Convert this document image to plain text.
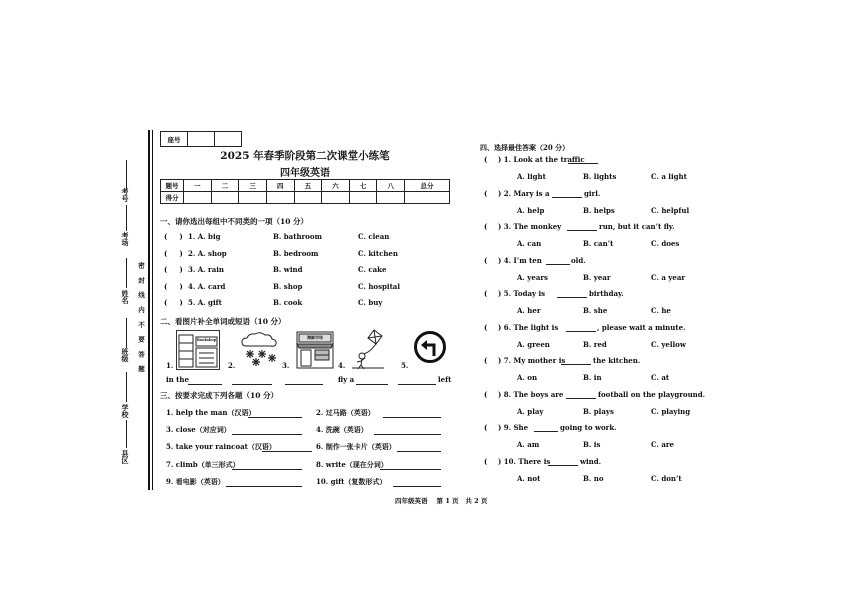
考号
考场
姓名
班级
学校
县区
密 封 线 内 不 要 答 题
座号		
2025 年春季阶段第二次课堂小练笔
四年级英语
题号	一	二	三	四	五	六	七	八	总分
得分									
一、请你选出每组中不同类的一项（10 分）
(     ) 1. A. big	B. bathroom	C. clean
(     ) 2. A. shop	B. bedroom	C. kitchen
(     ) 3. A. rain	B. wind	C. cake
(     ) 4. A. card	B. shop	C. hospital
(     ) 5. A. gift	B. cook	C. buy
二、看图片补全单词或短语（10 分）
Bookshop	海鲜市场
1.	2.	3.	4.	5.
in the	fly a	left
三、按要求完成下列各题（10 分）
1. help the man（汉语）	2. 过马路（英语）
3. close（对应词）	4. 洗碗（英语）
5. take your raincoat（汉语）	6. 制作一张卡片（英语）
7. climb（单三形式）	8. write（现在分词）
9. 看电影（英语）	10. gift（复数形式）
四、选择最佳答案（20 分）
( ) 1. Look at the traffic
A. light	B. lights	C. a light
( ) 2. Mary is a	girl.
A. help	B. helps	C. helpful
( ) 3. The monkey	run, but it can’t fly.
A. can	B. can’t	C. does
( ) 4. I’m ten	old.
A. years	B. year	C. a year
( ) 5. Today is	birthday.
A. her	B. she	C. he
( ) 6. The light is	, please wait a minute.
A. green	B. red	C. yellow
( ) 7. My mother is	the kitchen.
A. on	B. in	C. at
( ) 8. The boys are	football on the playground.
A. play	B. plays	C. playing
( ) 9. She	going to work.
A. am	B. is	C. are
( ) 10. There is	wind.
A. not	B. no	C. don’t
四年级英语    第 1 页   共 2 页
